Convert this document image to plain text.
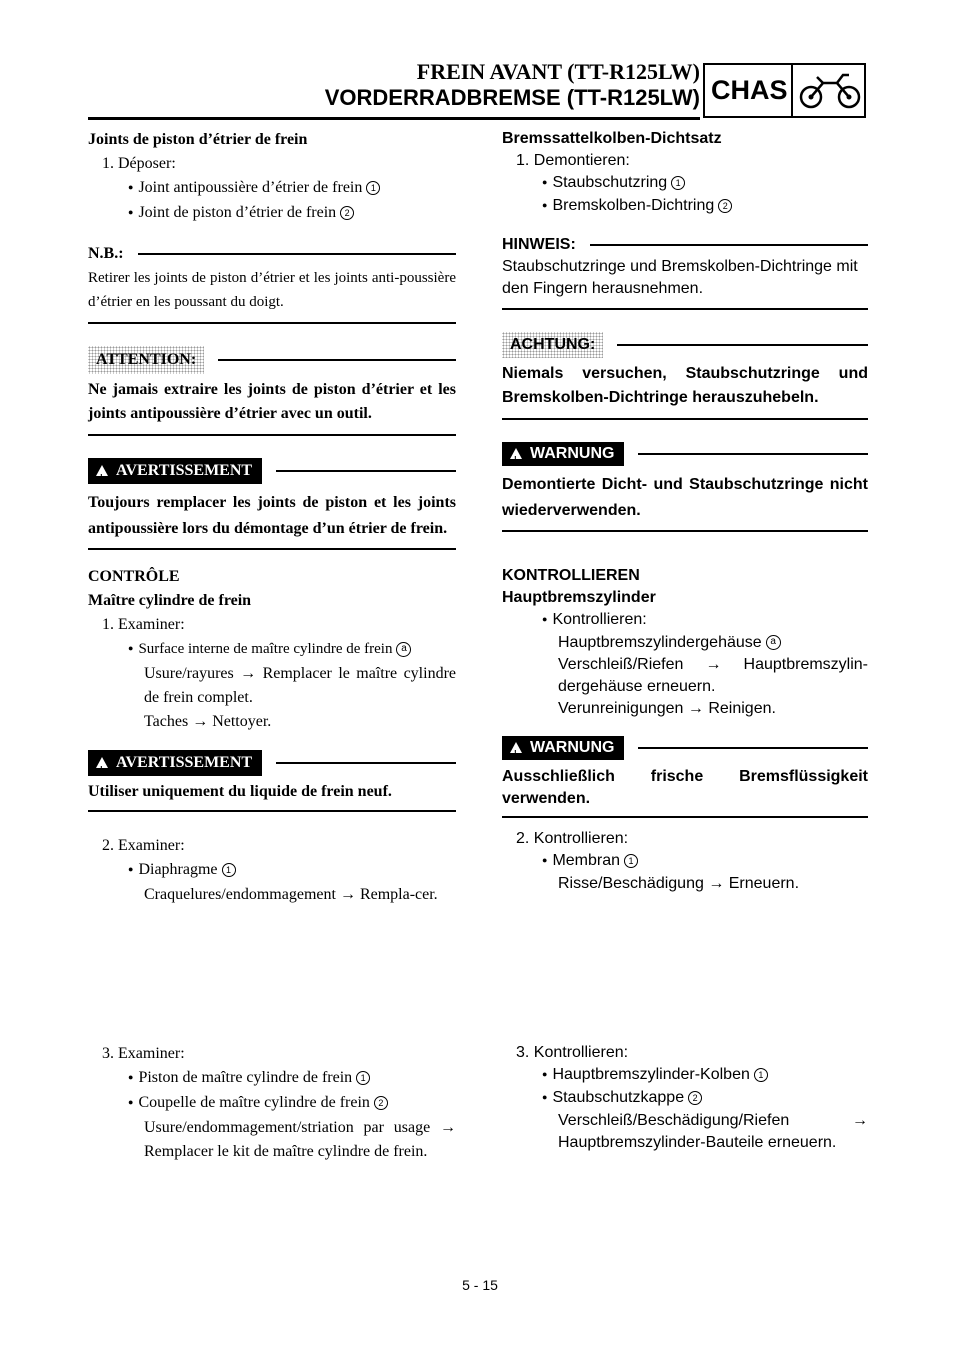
FREIN AVANT (TT-R125LW)
VORDERRADBREMSE (TT-R125LW) CHAS
Joints de piston d’étrier de frein
1. Déposer:
● Joint antipoussière d’étrier de frein 1
● Joint de piston d’étrier de frein 2
N.B.:
Retirer les joints de piston d’étrier et les joints anti-poussière d’étrier en les poussant du doigt.
ATTENTION:
Ne jamais extraire les joints de piston d’étrier et les joints antipoussière d’étrier avec un outil.
!AVERTISSEMENT
Toujours remplacer les joints de piston et les joints antipoussière lors du démontage d’un étrier de frein.
CONTRÔLE
Maître cylindre de frein
1. Examiner:
● Surface interne de maître cylindre de frein a
Usure/rayures → Remplacer le maître cylindre de frein complet.
Taches → Nettoyer.
!AVERTISSEMENT
Utiliser uniquement du liquide de frein neuf.
2. Examiner:
● Diaphragme 1
Craquelures/endommagement → Rempla-cer.
3. Examiner:
● Piston de maître cylindre de frein 1
● Coupelle de maître cylindre de frein 2
Usure/endommagement/striation par usage → Remplacer le kit de maître cylindre de frein.
Bremssattelkolben-Dichtsatz
1. Demontieren:
● Staubschutzring 1
● Bremskolben-Dichtring 2
HINWEIS:
Staubschutzringe und Bremskolben-Dichtringe mit den Fingern herausnehmen.
ACHTUNG:
Niemals versuchen, Staubschutzringe und Bremskolben-Dichtringe herauszuhebeln.
!WARNUNG
Demontierte Dicht- und Staubschutzringe nicht wiederverwenden.
KONTROLLIEREN
Hauptbremszylinder
● Kontrollieren:
Hauptbremszylindergehäuse a
Verschleiß/Riefen → Hauptbremszylin-dergehäuse erneuern.
Verunreinigungen → Reinigen.
!WARNUNG
Ausschließlich frische Bremsflüssigkeit verwenden.
2. Kontrollieren:
● Membran 1
Risse/Beschädigung → Erneuern.
3. Kontrollieren:
● Hauptbremszylinder-Kolben 1
● Staubschutzkappe 2
Verschleiß/Beschädigung/Riefen →
Hauptbremszylinder-Bauteile erneuern.
5 - 15
